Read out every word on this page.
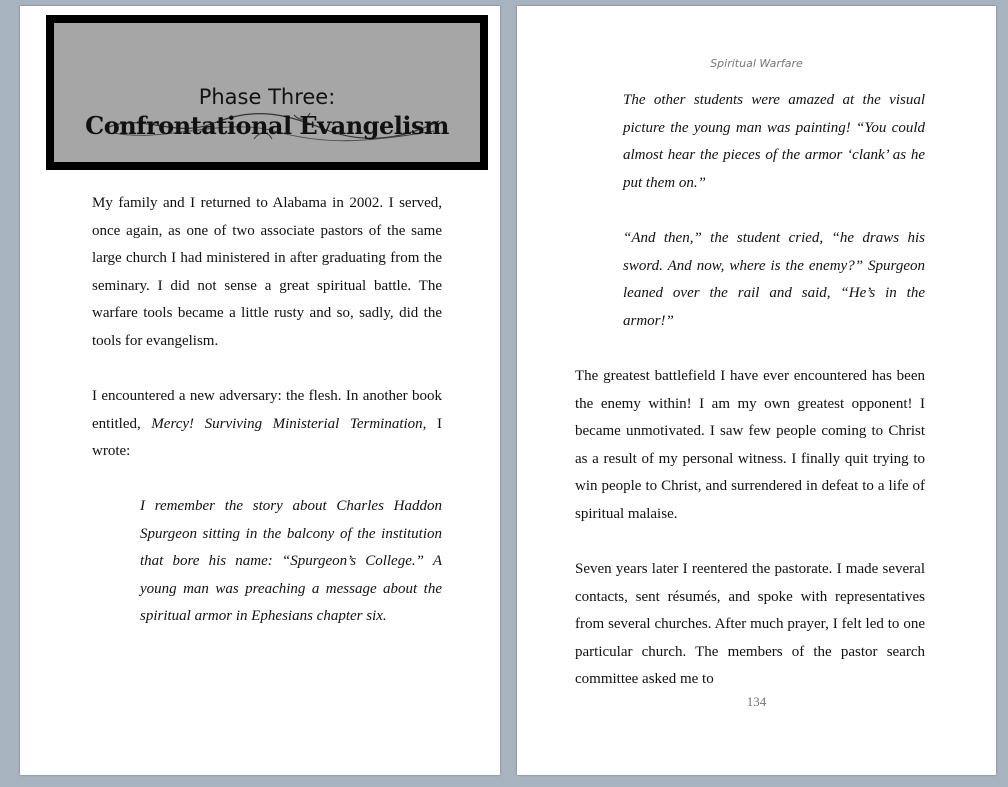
Phase Three:
Confrontational Evangelism

My family and I returned to Alabama in 2002. I served, once again, as one of two associate pastors of the same large church I had ministered in after graduating from the seminary. I did not sense a great spiritual battle. The warfare tools became a little rusty and so, sadly, did the tools for evangelism.

I encountered a new adversary: the flesh. In another book entitled, Mercy! Surviving Ministerial Termination, I wrote:

I remember the story about Charles Haddon Spurgeon sitting in the balcony of the institution that bore his name: “Spurgeon’s College.” A young man was preaching a message about the spiritual armor in Ephesians chapter six.

Spiritual Warfare

The other students were amazed at the visual picture the young man was painting! “You could almost hear the pieces of the armor ‘clank’ as he put them on.”

“And then,” the student cried, “he draws his sword. And now, where is the enemy?” Spurgeon leaned over the rail and said, “He’s in the armor!”

The greatest battlefield I have ever encountered has been the enemy within! I am my own greatest opponent! I became unmotivated. I saw few people coming to Christ as a result of my personal witness. I finally quit trying to win people to Christ, and surrendered in defeat to a life of spiritual malaise.

Seven years later I reentered the pastorate. I made several contacts, sent résumés, and spoke with representatives from several churches. After much prayer, I felt led to one particular church. The members of the pastor search committee asked me to

134
